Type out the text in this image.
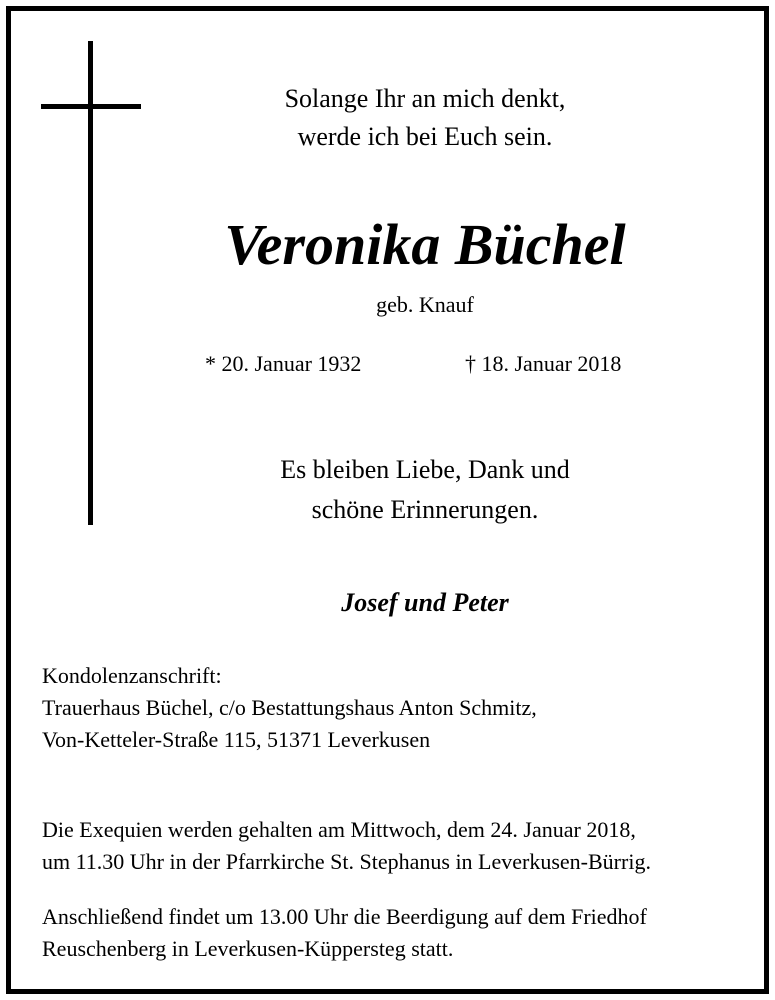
Solange Ihr an mich denkt,
werde ich bei Euch sein.
Veronika Büchel
geb. Knauf
* 20. Januar 1932	† 18. Januar 2018
Es bleiben Liebe, Dank und
schöne Erinnerungen.
Josef und Peter
Kondolenzanschrift:
Trauerhaus Büchel, c/o Bestattungshaus Anton Schmitz,
Von-Ketteler-Straße 115, 51371 Leverkusen
Die Exequien werden gehalten am Mittwoch, dem 24. Januar 2018,
um 11.30 Uhr in der Pfarrkirche St. Stephanus in Leverkusen-Bürrig.
Anschließend findet um 13.00 Uhr die Beerdigung auf dem Friedhof
Reuschenberg in Leverkusen-Küppersteg statt.
